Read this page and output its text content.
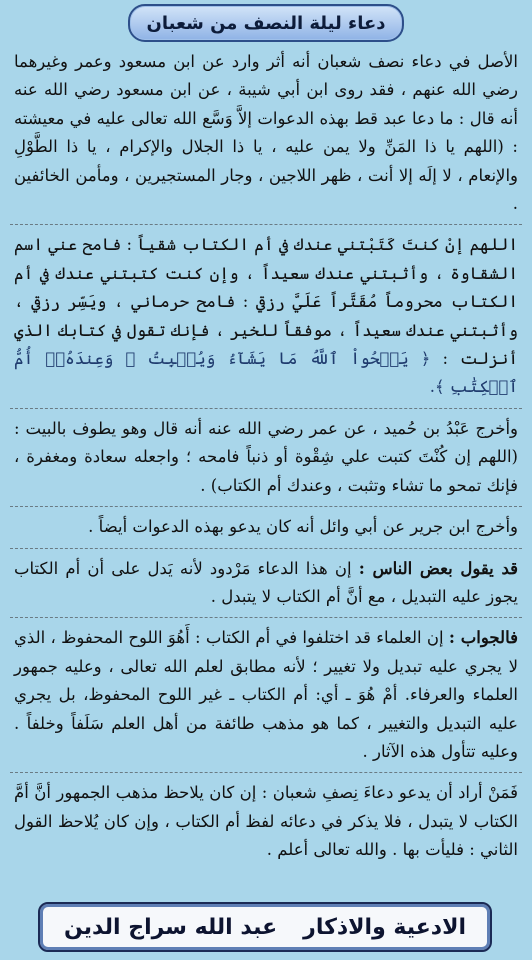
دعاء ليلة النصف من شعبان

الأصل في دعاء نصف شعبان أنه أثر وارد عن ابن مسعود وعمر وغيرهما رضي الله عنهم ، فقد روى ابن أبي شيبة ، عن ابن مسعود رضي الله عنه أنه قال : ما دعا عبد قط بهذه الدعوات إلاَّ وَسَّع الله تعالى عليه في معيشته : (اللهم يا ذا المَنِّ ولا يمن عليه ، يا ذا الجلال والإكرام ، يا ذا الطَّوْلِ والإنعام ، لا إلَه إلا أنت ، ظهر اللاجين ، وجار المستجيرين ، ومأمن الخائفين .

اللهم إنْ كنتَ كَتَبْتني عندك في أم الكتاب شقياً : فامح عني اسم الشقاوة ، وأثبتني عندك سعيداً ، وإن كنت كتبتني عندك في أم الكتاب محروماً مُقَتَّراً عَلَيَّ رزقي : فامح حرماني ، ويَسِّر رزقي ، وأثبتني عندك سعيداً ، موفقاً للخير ، فإنك تقول في كتابك الذي أنزلت : ﴿ يَمۡحُواْ ٱللَّهُ مَا يَشَآءُ وَيُثۡبِتُ ۖ وَعِندَهُۥٓ أُمُّ ٱلۡكِتَٰبِ ﴾.

وأخرج عَبْدُ بن حُميد ، عن عمر رضي الله عنه أنه قال وهو يطوف بالبيت : (اللهم إن كُنْتَ كتبت علي شِقْوة أو ذنباً فامحه ؛ واجعله سعادة ومغفرة ، فإنك تمحو ما تشاء وتثبت ، وعندك أم الكتاب) .

وأخرج ابن جرير عن أبي وائل أنه كان يدعو بهذه الدعوات أيضاً .

قد يقول بعض الناس : إن هذا الدعاء مَرْدود لأنه يَدل على أن أم الكتاب يجوز عليه التبديل ، مع أنَّ أم الكتاب لا يتبدل .

فالجواب : إن العلماء قد اختلفوا في أم الكتاب : أَهُوَ اللوح المحفوظ ، الذي لا يجري عليه تبديل ولا تغيير ؛ لأنه مطابق لعلم الله تعالى ، وعليه جمهور العلماء والعرفاء. أمْ هُوَ ـ أي: أم الكتاب ـ غير اللوح المحفوظ، بل يجري عليه التبديل والتغيير ، كما هو مذهب طائفة من أهل العلم سَلَفاً وخلفاً . وعليه تتأول هذه الآثار .

فَمَنْ أراد أن يدعو دعاءَ نِصفِ شعبان : إن كان يلاحظ مذهب الجمهور أنَّ أمَّ الكتاب لا يتبدل ، فلا يذكر في دعائه لفظ أم الكتاب ، وإن كان يُلاحظ القول الثاني : فليأت بها . والله تعالى أعلم .

الادعية والاذكار
عبد الله سراج الدين
